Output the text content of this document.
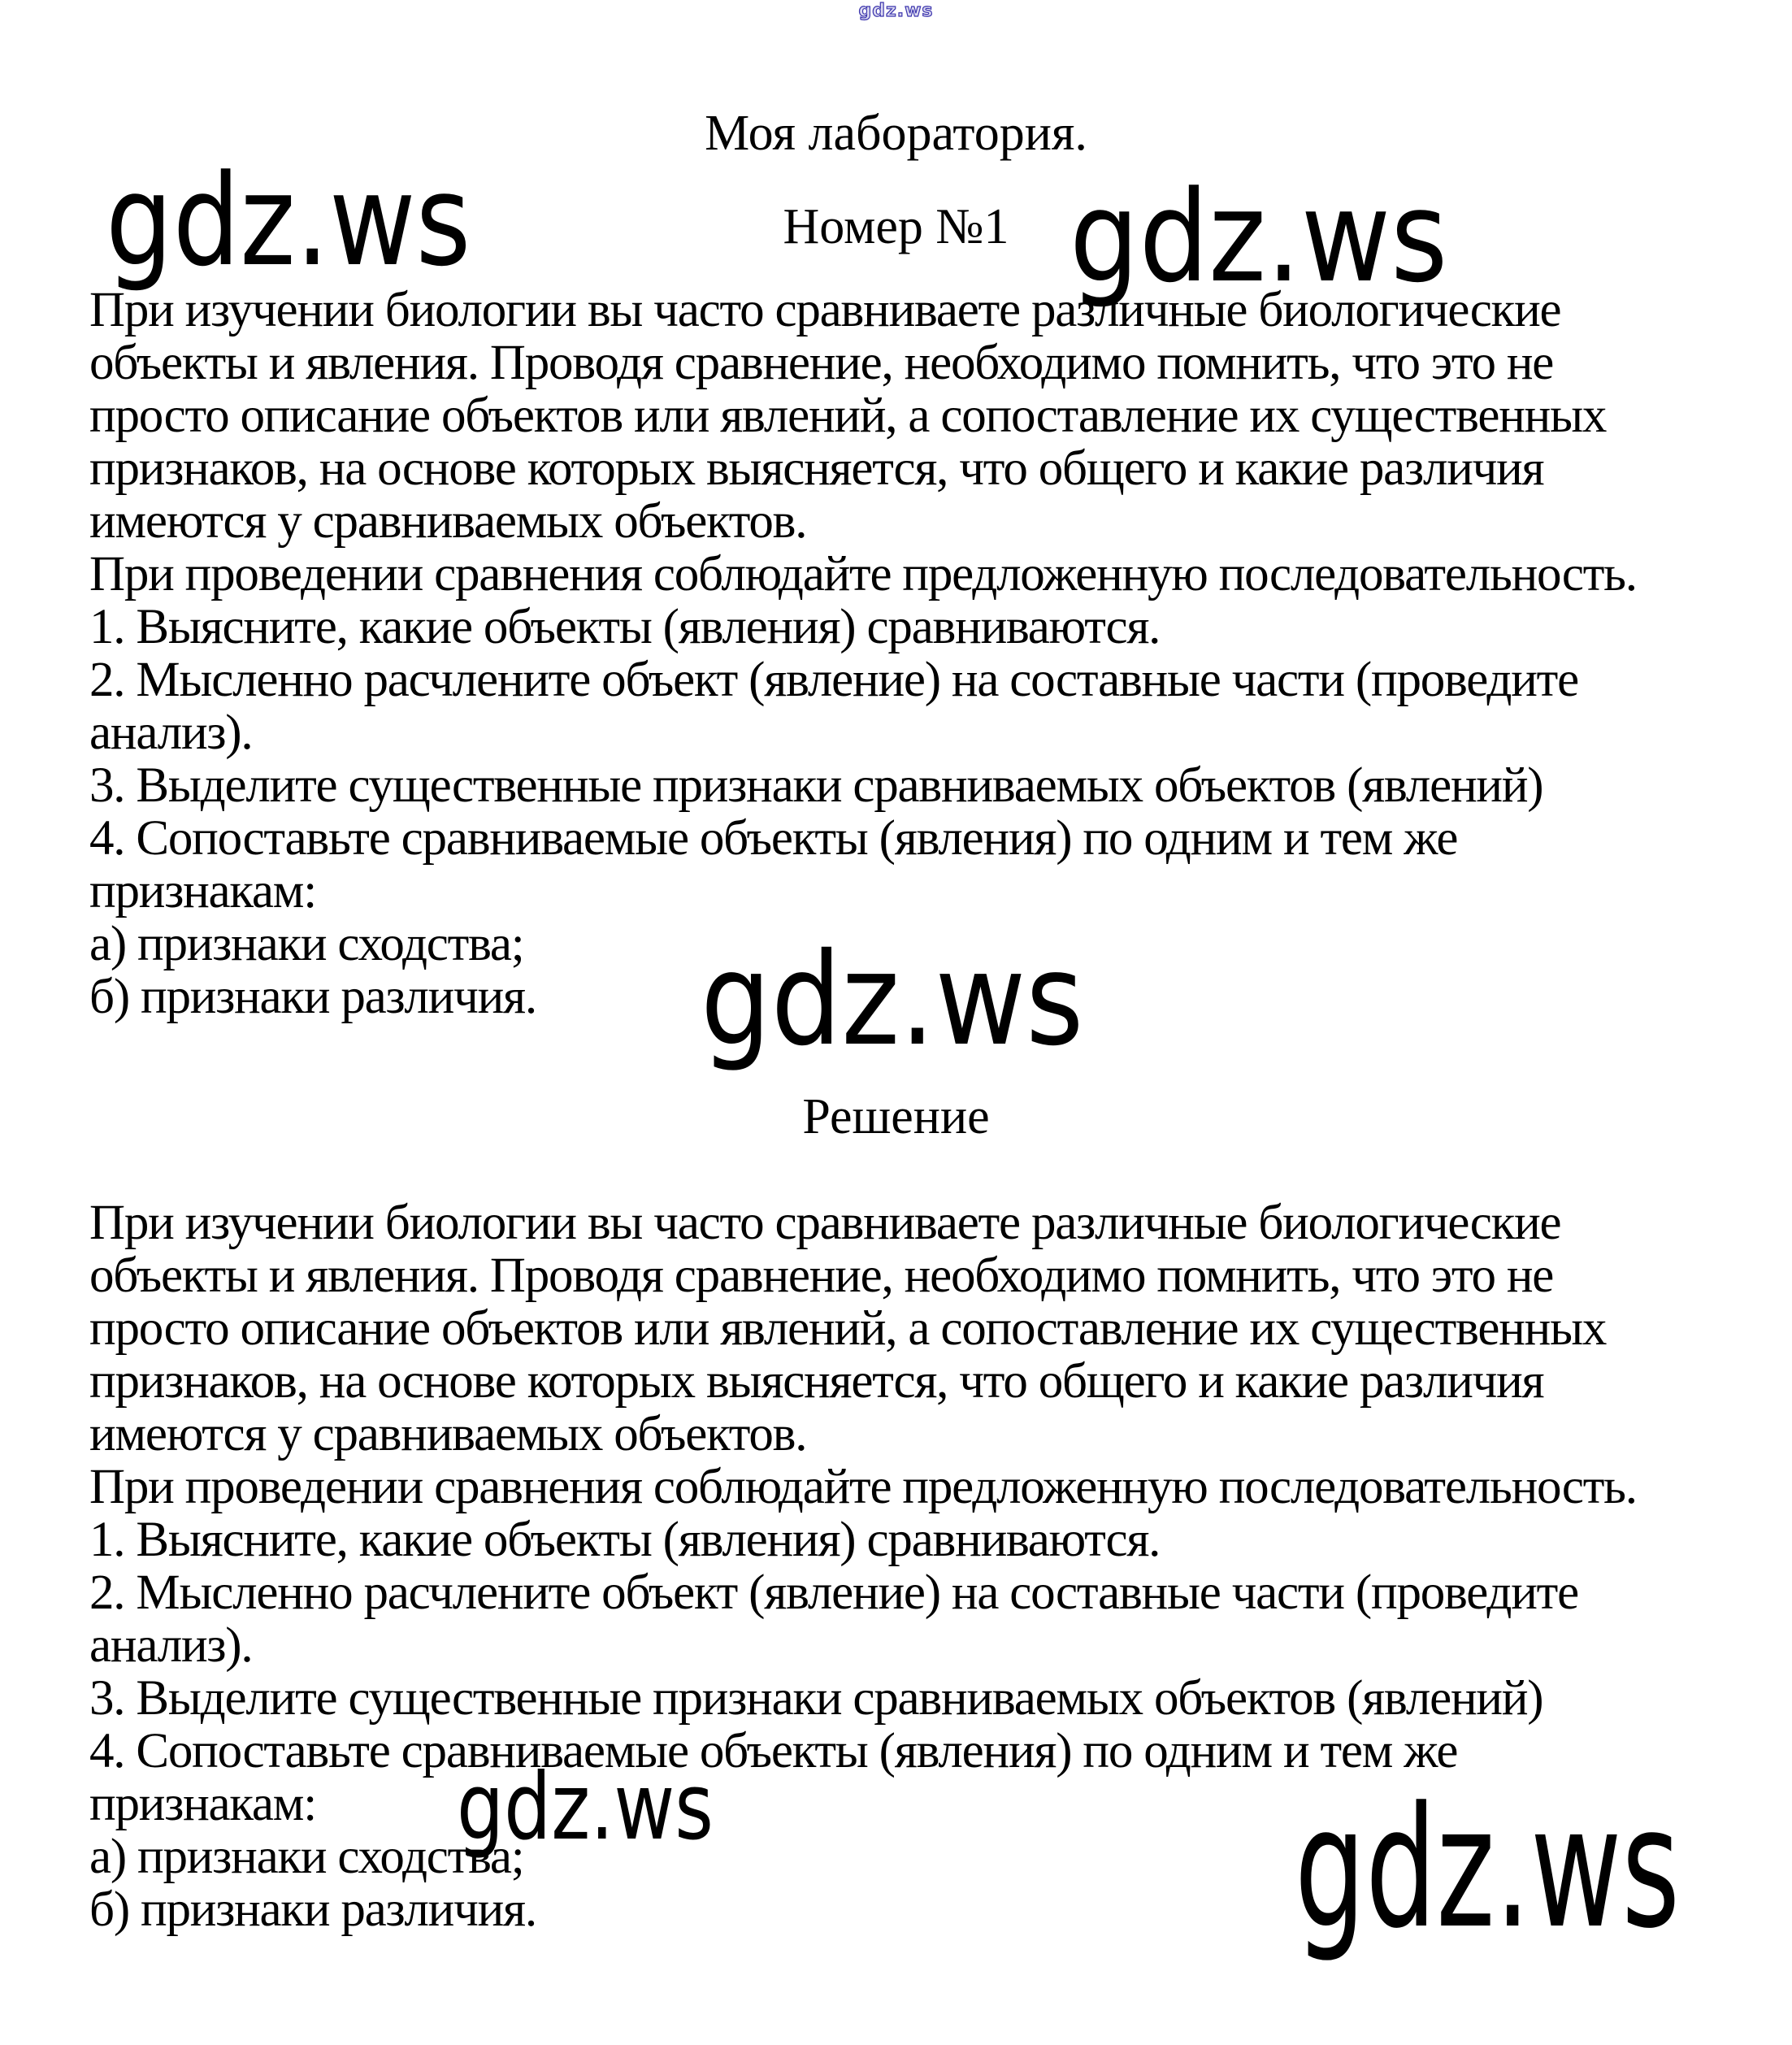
gdz.ws
Моя лаборатория.
Номер №1
gdz.ws	gdz.ws
При изучении биологии вы часто сравниваете различные биологические
объекты и явления. Проводя сравнение, необходимо помнить, что это не
просто описание объектов или явлений, а сопоставление их существенных
признаков, на основе которых выясняется, что общего и какие различия
имеются у сравниваемых объектов.
При проведении сравнения соблюдайте предложенную последовательность.
1. Выясните, какие объекты (явления) сравниваются.
2. Мысленно расчлените объект (явление) на составные части (проведите
анализ).
3. Выделите существенные признаки сравниваемых объектов (явлений)
4. Сопоставьте сравниваемые объекты (явления) по одним и тем же
признакам:
а) признаки сходства;
б) признаки различия.	gdz.ws
Решение
При изучении биологии вы часто сравниваете различные биологические
объекты и явления. Проводя сравнение, необходимо помнить, что это не
просто описание объектов или явлений, а сопоставление их существенных
признаков, на основе которых выясняется, что общего и какие различия
имеются у сравниваемых объектов.
При проведении сравнения соблюдайте предложенную последовательность.
1. Выясните, какие объекты (явления) сравниваются.
2. Мысленно расчлените объект (явление) на составные части (проведите
анализ).
3. Выделите существенные признаки сравниваемых объектов (явлений)
4. Сопоставьте сравниваемые объекты (явления) по одним и тем же
признакам:
а) признаки сходства;
б) признаки различия.
gdz.ws	gdz.ws
